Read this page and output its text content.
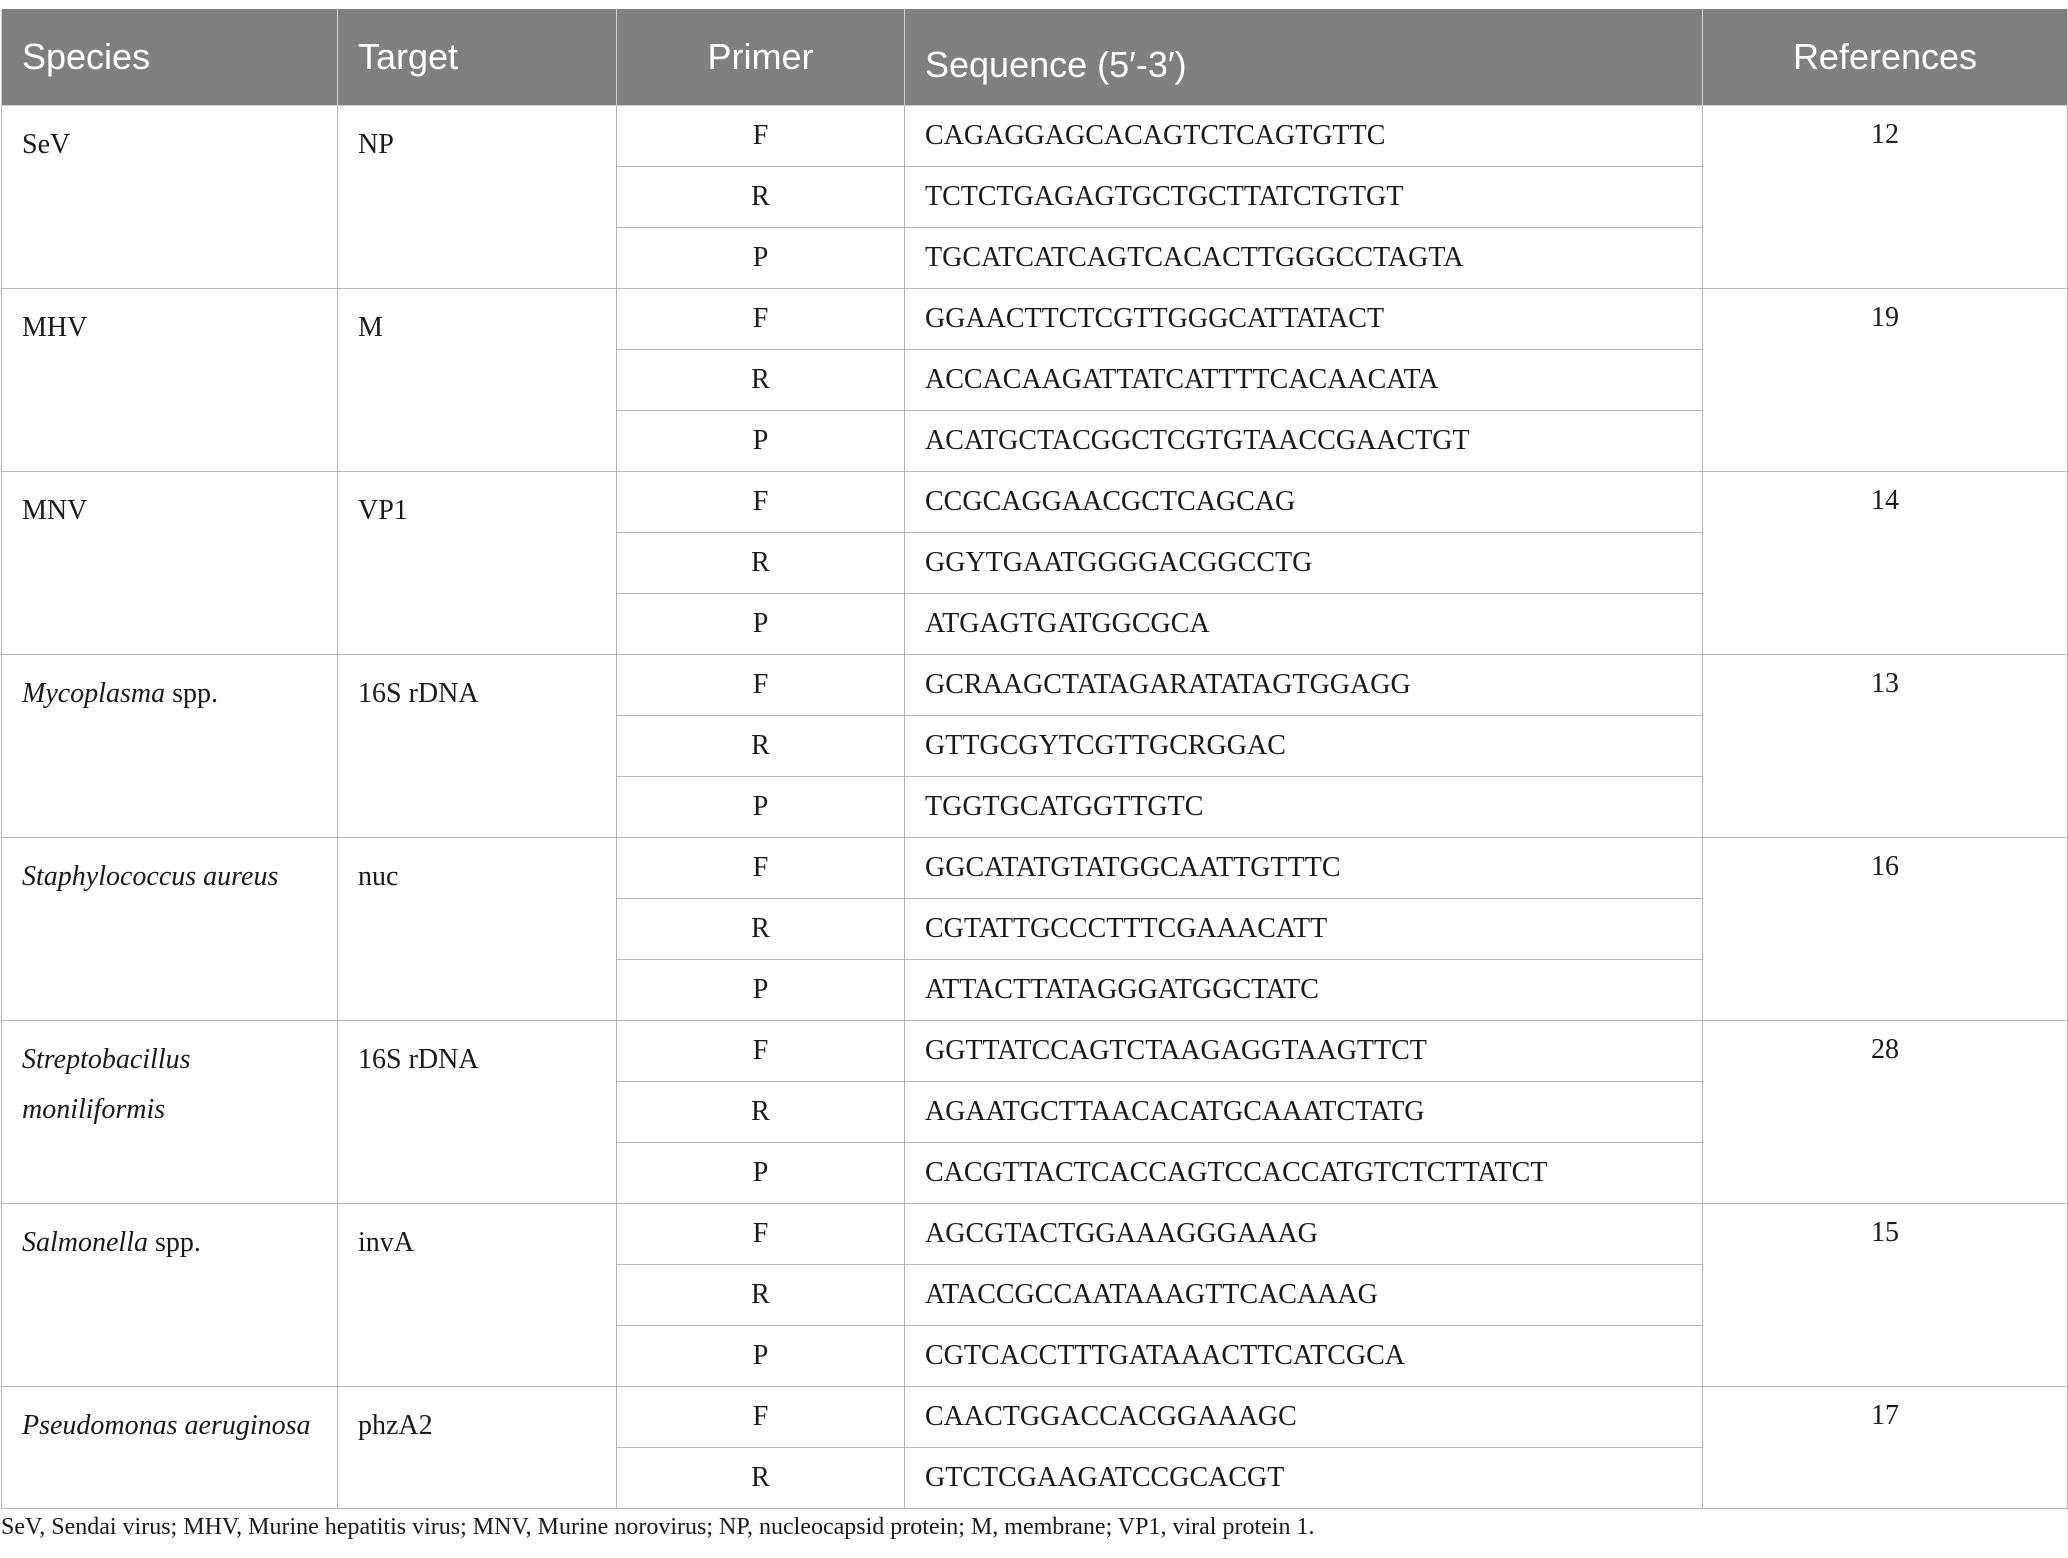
Species	Target	Primer	Sequence (5′-3′)	References
SeV	NP	F	CAGAGGAGCACAGTCTCAGTGTTC	12
		R	TCTCTGAGAGTGCTGCTTATCTGTGT	
		P	TGCATCATCAGTCACACTTGGGCCTAGTA	
MHV	M	F	GGAACTTCTCGTTGGGCATTATACT	19
		R	ACCACAAGATTATCATTTTCACAACATA	
		P	ACATGCTACGGCTCGTGTAACCGAACTGT	
MNV	VP1	F	CCGCAGGAACGCTCAGCAG	14
		R	GGYTGAATGGGGACGGCCTG	
		P	ATGAGTGATGGCGCA	
Mycoplasma spp.	16S rDNA	F	GCRAAGCTATAGARATATAGTGGAGG	13
		R	GTTGCGYTCGTTGCRGGAC	
		P	TGGTGCATGGTTGTC	
Staphylococcus aureus	nuc	F	GGCATATGTATGGCAATTGTTTC	16
		R	CGTATTGCCCTTTCGAAACATT	
		P	ATTACTTATAGGGATGGCTATC	
Streptobacillus moniliformis	16S rDNA	F	GGTTATCCAGTCTAAGAGGTAAGTTCT	28
		R	AGAATGCTTAACACATGCAAATCTATG	
		P	CACGTTACTCACCAGTCCACCATGTCTCTTATCT	
Salmonella spp.	invA	F	AGCGTACTGGAAAGGGAAAG	15
		R	ATACCGCCAATAAAGTTCACAAAG	
		P	CGTCACCTTTGATAAACTTCATCGCA	
Pseudomonas aeruginosa	phzA2	F	CAACTGGACCACGGAAAGC	17
		R	GTCTCGAAGATCCGCACGT	
SeV, Sendai virus; MHV, Murine hepatitis virus; MNV, Murine norovirus; NP, nucleocapsid protein; M, membrane; VP1, viral protein 1.
